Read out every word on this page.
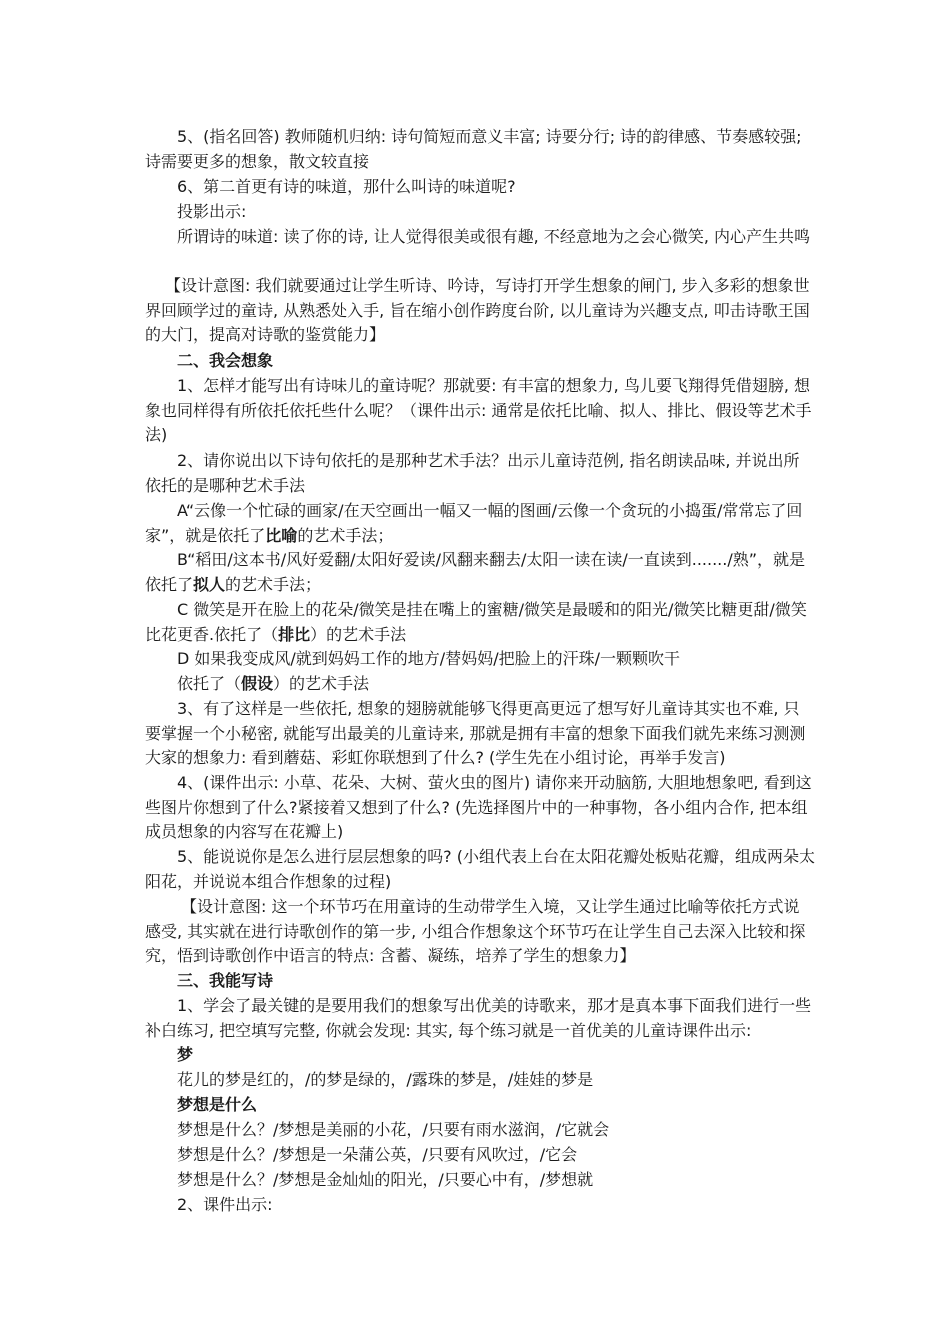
5、(指名回答) 教师随机归纳: 诗句简短而意义丰富; 诗要分行; 诗的韵律感、节奏感较强; 诗需要更多的想象，散文较直接

6、第二首更有诗的味道，那什么叫诗的味道呢?

投影出示:

所谓诗的味道: 读了你的诗, 让人觉得很美或很有趣, 不经意地为之会心微笑, 内心产生共鸣

【设计意图: 我们就要通过让学生听诗、吟诗，写诗打开学生想象的闸门, 步入多彩的想象世界回顾学过的童诗, 从熟悉处入手, 旨在缩小创作跨度台阶, 以儿童诗为兴趣支点, 叩击诗歌王国的大门，提高对诗歌的鉴赏能力】

二、我会想象

1、怎样才能写出有诗味儿的童诗呢？那就要: 有丰富的想象力, 鸟儿要飞翔得凭借翅膀, 想象也同样得有所依托依托些什么呢？（课件出示: 通常是依托比喻、拟人、排比、假设等艺术手法)

2、请你说出以下诗句依托的是那种艺术手法？出示儿童诗范例, 指名朗读品味, 并说出所依托的是哪种艺术手法

A“云像一个忙碌的画家/在天空画出一幅又一幅的图画/云像一个贪玩的小捣蛋/常常忘了回家”，就是依托了比喻的艺术手法；

B“稻田/这本书/风好爱翻/太阳好爱读/风翻来翻去/太阳一读在读/一直读到......./熟”，就是依托了拟人的艺术手法；

C 微笑是开在脸上的花朵/微笑是挂在嘴上的蜜糖/微笑是最暖和的阳光/微笑比糖更甜/微笑比花更香.依托了（排比）的艺术手法

D 如果我变成风/就到妈妈工作的地方/替妈妈/把脸上的汗珠/一颗颗吹干

依托了（假设）的艺术手法

3、有了这样是一些依托, 想象的翅膀就能够飞得更高更远了想写好儿童诗其实也不难, 只要掌握一个小秘密, 就能写出最美的儿童诗来, 那就是拥有丰富的想象下面我们就先来练习测测大家的想象力: 看到蘑菇、彩虹你联想到了什么? (学生先在小组讨论，再举手发言)

4、(课件出示: 小草、花朵、大树、萤火虫的图片) 请你来开动脑筋, 大胆地想象吧, 看到这些图片你想到了什么?紧接着又想到了什么? (先选择图片中的一种事物，各小组内合作, 把本组成员想象的内容写在花瓣上)

5、能说说你是怎么进行层层想象的吗? (小组代表上台在太阳花瓣处板贴花瓣，组成两朵太阳花，并说说本组合作想象的过程)

【设计意图: 这一个环节巧在用童诗的生动带学生入境，又让学生通过比喻等依托方式说感受, 其实就在进行诗歌创作的第一步, 小组合作想象这个环节巧在让学生自己去深入比较和探究，悟到诗歌创作中语言的特点: 含蓄、凝练，培养了学生的想象力】

三、我能写诗

1、学会了最关键的是要用我们的想象写出优美的诗歌来，那才是真本事下面我们进行一些补白练习, 把空填写完整, 你就会发现: 其实, 每个练习就是一首优美的儿童诗课件出示:

梦

花儿的梦是红的，/的梦是绿的，/露珠的梦是，/娃娃的梦是

梦想是什么

梦想是什么？/梦想是美丽的小花，/只要有雨水滋润，/它就会

梦想是什么？/梦想是一朵蒲公英，/只要有风吹过，/它会

梦想是什么？/梦想是金灿灿的阳光，/只要心中有，/梦想就

2、课件出示:
